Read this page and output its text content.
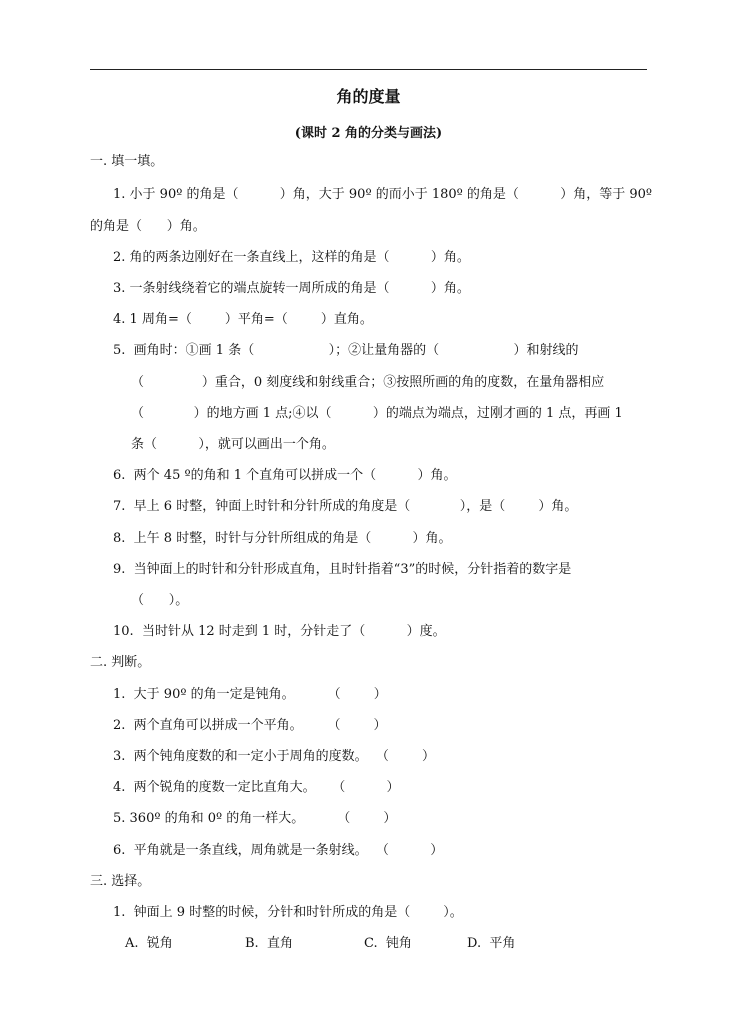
角的度量
(课时 2 角的分类与画法)
一. 填一填。
1. 小于 90º 的角是（          ）角，大于 90º 的而小于 180º 的角是（          ）角，等于 90º
的角是（      ）角。
2. 角的两条边刚好在一条直线上，这样的角是（          ）角。
3. 一条射线绕着它的端点旋转一周所成的角是（          ）角。
4. 1 周角=（        ）平角=（        ）直角。
5.  画角时：①画 1 条（                  ）；②让量角器的（                  ）和射线的
（              ）重合，0 刻度线和射线重合；③按照所画的角的度数，在量角器相应
（            ）的地方画 1 点;④以（          ）的端点为端点，过刚才画的 1 点，再画 1
条（          ），就可以画出一个角。
6.  两个 45 º的角和 1 个直角可以拼成一个（          ）角。
7.  早上 6 时整，钟面上时针和分针所成的角度是（            ），是（        ）角。
8.  上午 8 时整，时针与分针所组成的角是（          ）角。
9.  当钟面上的时针和分针形成直角，且时针指着“3”的时候，分针指着的数字是
（      ）。
10.  当时针从 12 时走到 1 时，分针走了（          ）度。
二. 判断。
1.  大于 90º 的角一定是钝角。        （        ）
2.  两个直角可以拼成一个平角。      （        ）
3.  两个钝角度数的和一定小于周角的度数。  （        ）
4.  两个锐角的度数一定比直角大。    （          ）
5. 360º 的角和 0º 的角一样大。        （        ）
6.  平角就是一条直线，周角就是一条射线。  （          ）
三. 选择。
1.  钟面上 9 时整的时候，分针和时针所成的角是（        ）。
A.  锐角	B.  直角	C.  钝角	D.  平角
